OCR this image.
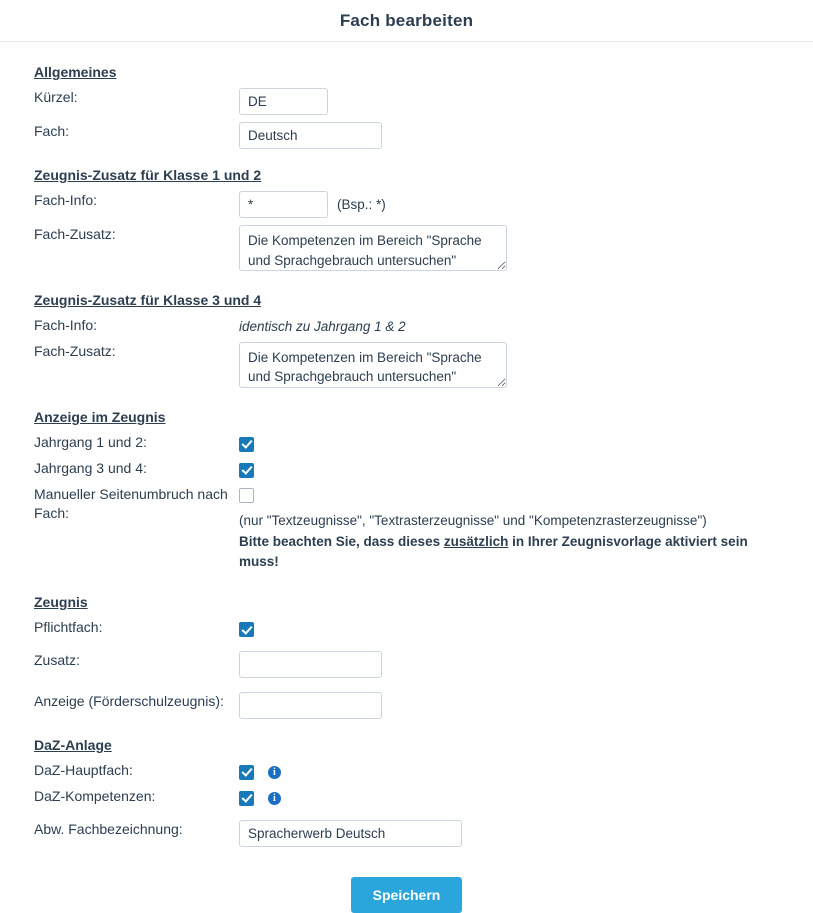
Fach bearbeiten
Allgemeines
Kürzel:
DE
Fach:
Deutsch
Zeugnis-Zusatz für Klasse 1 und 2
Fach-Info:
*	(Bsp.: *)
Fach-Zusatz:
Die Kompetenzen im Bereich "Sprache und Sprachgebrauch untersuchen"
Zeugnis-Zusatz für Klasse 3 und 4
Fach-Info:	identisch zu Jahrgang 1 & 2
Fach-Zusatz:
Die Kompetenzen im Bereich "Sprache und Sprachgebrauch untersuchen"
Anzeige im Zeugnis
Jahrgang 1 und 2:
Jahrgang 3 und 4:
Manueller Seitenumbruch nach Fach:
(nur "Textzeugnisse", "Textrasterzeugnisse" und "Kompetenzrasterzeugnisse")
Bitte beachten Sie, dass dieses zusätzlich in Ihrer Zeugnisvorlage aktiviert sein muss!
Zeugnis
Pflichtfach:
Zusatz:
Anzeige (Förderschulzeugnis):
DaZ-Anlage
DaZ-Hauptfach:	i
DaZ-Kompetenzen:	i
Abw. Fachbezeichnung:
Spracherwerb Deutsch
Speichern
